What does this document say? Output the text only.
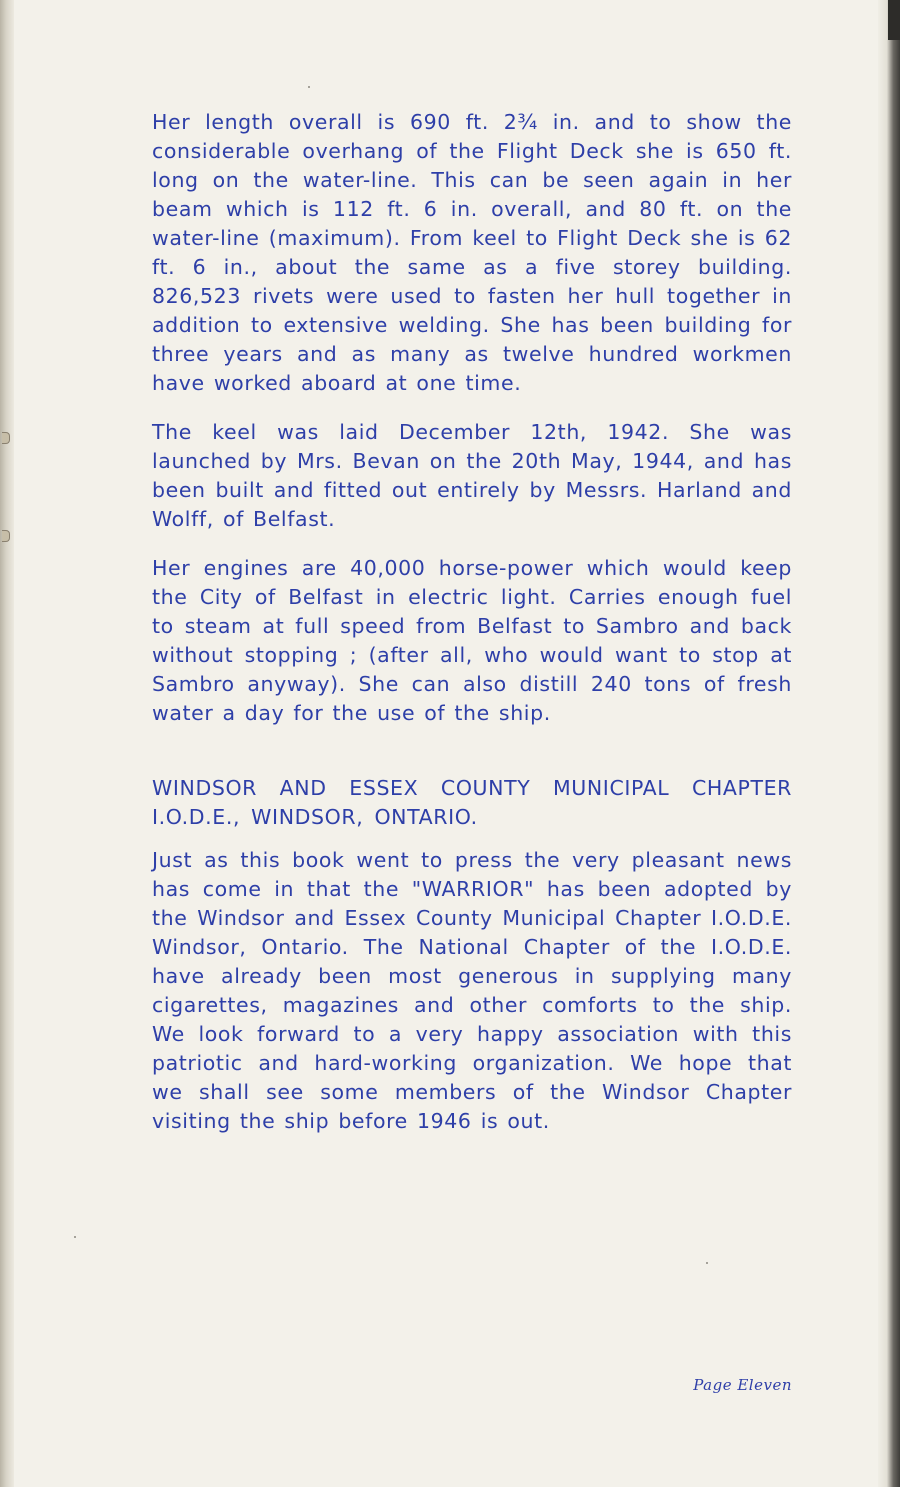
Her length overall is 690 ft. 2¾ in. and to show the considerable overhang of the Flight Deck she is 650 ft. long on the water-line. This can be seen again in her beam which is 112 ft. 6 in. overall, and 80 ft. on the water-line (maximum). From keel to Flight Deck she is 62 ft. 6 in., about the same as a five storey building. 826,523 rivets were used to fasten her hull together in addition to extensive welding. She has been building for three years and as many as twelve hundred workmen have worked aboard at one time.

The keel was laid December 12th, 1942. She was launched by Mrs. Bevan on the 20th May, 1944, and has been built and fitted out entirely by Messrs. Harland and Wolff, of Belfast.

Her engines are 40,000 horse-power which would keep the City of Belfast in electric light. Carries enough fuel to steam at full speed from Belfast to Sambro and back without stopping ; (after all, who would want to stop at Sambro anyway). She can also distill 240 tons of fresh water a day for the use of the ship.

WINDSOR AND ESSEX COUNTY MUNICIPAL CHAPTER I.O.D.E., WINDSOR, ONTARIO.

Just as this book went to press the very pleasant news has come in that the "WARRIOR" has been adopted by the Windsor and Essex County Municipal Chapter I.O.D.E. Windsor, Ontario. The National Chapter of the I.O.D.E. have already been most generous in supplying many cigarettes, magazines and other comforts to the ship. We look forward to a very happy association with this patriotic and hard-working organization. We hope that we shall see some members of the Windsor Chapter visiting the ship before 1946 is out.

Page Eleven
